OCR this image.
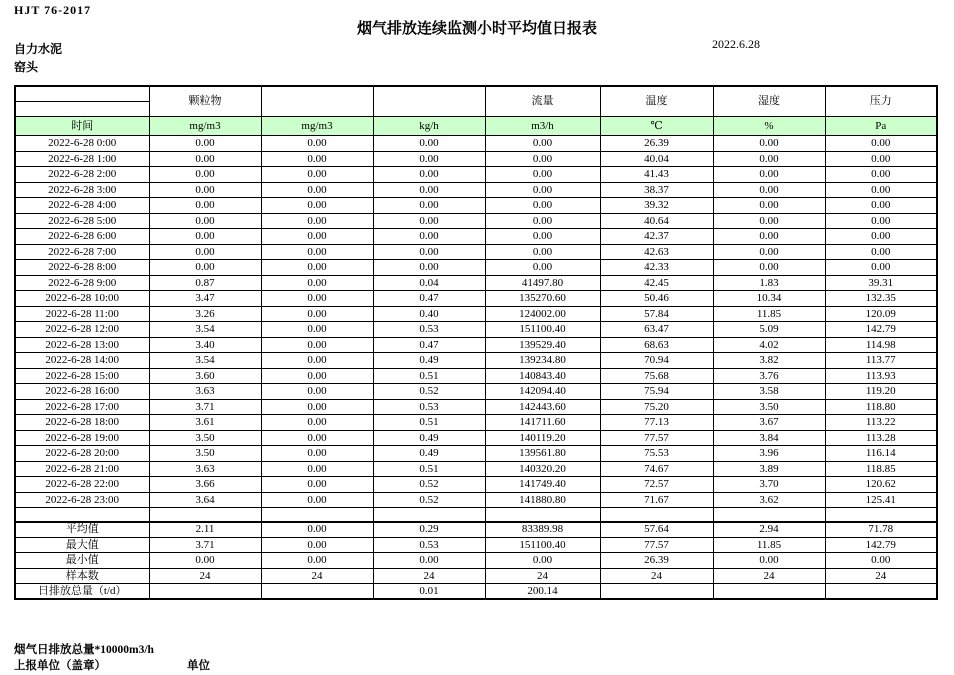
HJT 76-2017
烟气排放连续监测小时平均值日报表
2022.6.28
自力水泥
窑头
	颗粒物			流量	温度	湿度	压力
时间	mg/m3	mg/m3	kg/h	m3/h	℃	%	Pa
2022-6-28 0:00	0.00	0.00	0.00	0.00	26.39	0.00	0.00
2022-6-28 1:00	0.00	0.00	0.00	0.00	40.04	0.00	0.00
2022-6-28 2:00	0.00	0.00	0.00	0.00	41.43	0.00	0.00
2022-6-28 3:00	0.00	0.00	0.00	0.00	38.37	0.00	0.00
2022-6-28 4:00	0.00	0.00	0.00	0.00	39.32	0.00	0.00
2022-6-28 5:00	0.00	0.00	0.00	0.00	40.64	0.00	0.00
2022-6-28 6:00	0.00	0.00	0.00	0.00	42.37	0.00	0.00
2022-6-28 7:00	0.00	0.00	0.00	0.00	42.63	0.00	0.00
2022-6-28 8:00	0.00	0.00	0.00	0.00	42.33	0.00	0.00
2022-6-28 9:00	0.87	0.00	0.04	41497.80	42.45	1.83	39.31
2022-6-28 10:00	3.47	0.00	0.47	135270.60	50.46	10.34	132.35
2022-6-28 11:00	3.26	0.00	0.40	124002.00	57.84	11.85	120.09
2022-6-28 12:00	3.54	0.00	0.53	151100.40	63.47	5.09	142.79
2022-6-28 13:00	3.40	0.00	0.47	139529.40	68.63	4.02	114.98
2022-6-28 14:00	3.54	0.00	0.49	139234.80	70.94	3.82	113.77
2022-6-28 15:00	3.60	0.00	0.51	140843.40	75.68	3.76	113.93
2022-6-28 16:00	3.63	0.00	0.52	142094.40	75.94	3.58	119.20
2022-6-28 17:00	3.71	0.00	0.53	142443.60	75.20	3.50	118.80
2022-6-28 18:00	3.61	0.00	0.51	141711.60	77.13	3.67	113.22
2022-6-28 19:00	3.50	0.00	0.49	140119.20	77.57	3.84	113.28
2022-6-28 20:00	3.50	0.00	0.49	139561.80	75.53	3.96	116.14
2022-6-28 21:00	3.63	0.00	0.51	140320.20	74.67	3.89	118.85
2022-6-28 22:00	3.66	0.00	0.52	141749.40	72.57	3.70	120.62
2022-6-28 23:00	3.64	0.00	0.52	141880.80	71.67	3.62	125.41

平均值	2.11	0.00	0.29	83389.98	57.64	2.94	71.78
最大值	3.71	0.00	0.53	151100.40	77.57	11.85	142.79
最小值	0.00	0.00	0.00	0.00	26.39	0.00	0.00
样本数	24	24	24	24	24	24	24
日排放总量（t/d）			0.01	200.14			
烟气日排放总量*10000m3/h
上报单位（盖章）	单位
